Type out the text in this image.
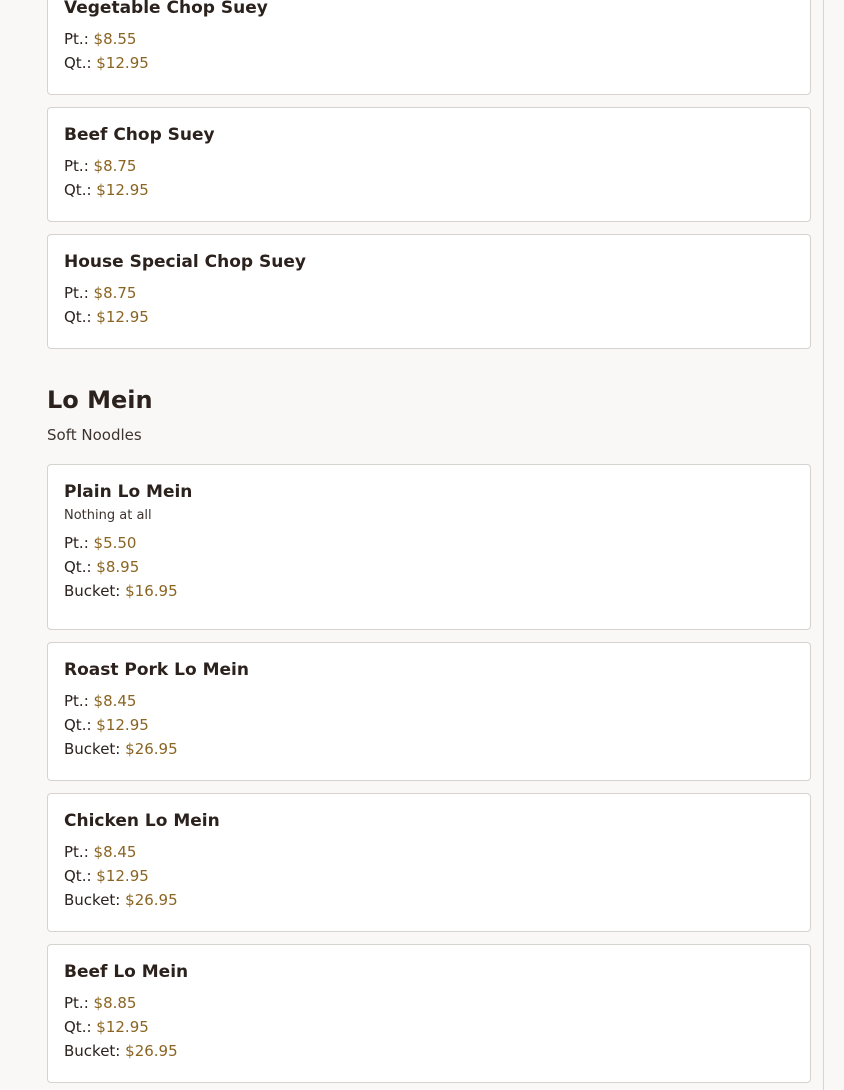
Vegetable Chop Suey
Pt.: $8.55
Qt.: $12.95
Beef Chop Suey
Pt.: $8.75
Qt.: $12.95
House Special Chop Suey
Pt.: $8.75
Qt.: $12.95
Lo Mein
Soft Noodles
Plain Lo Mein
Nothing at all
Pt.: $5.50
Qt.: $8.95
Bucket: $16.95
Roast Pork Lo Mein
Pt.: $8.45
Qt.: $12.95
Bucket: $26.95
Chicken Lo Mein
Pt.: $8.45
Qt.: $12.95
Bucket: $26.95
Beef Lo Mein
Pt.: $8.85
Qt.: $12.95
Bucket: $26.95
